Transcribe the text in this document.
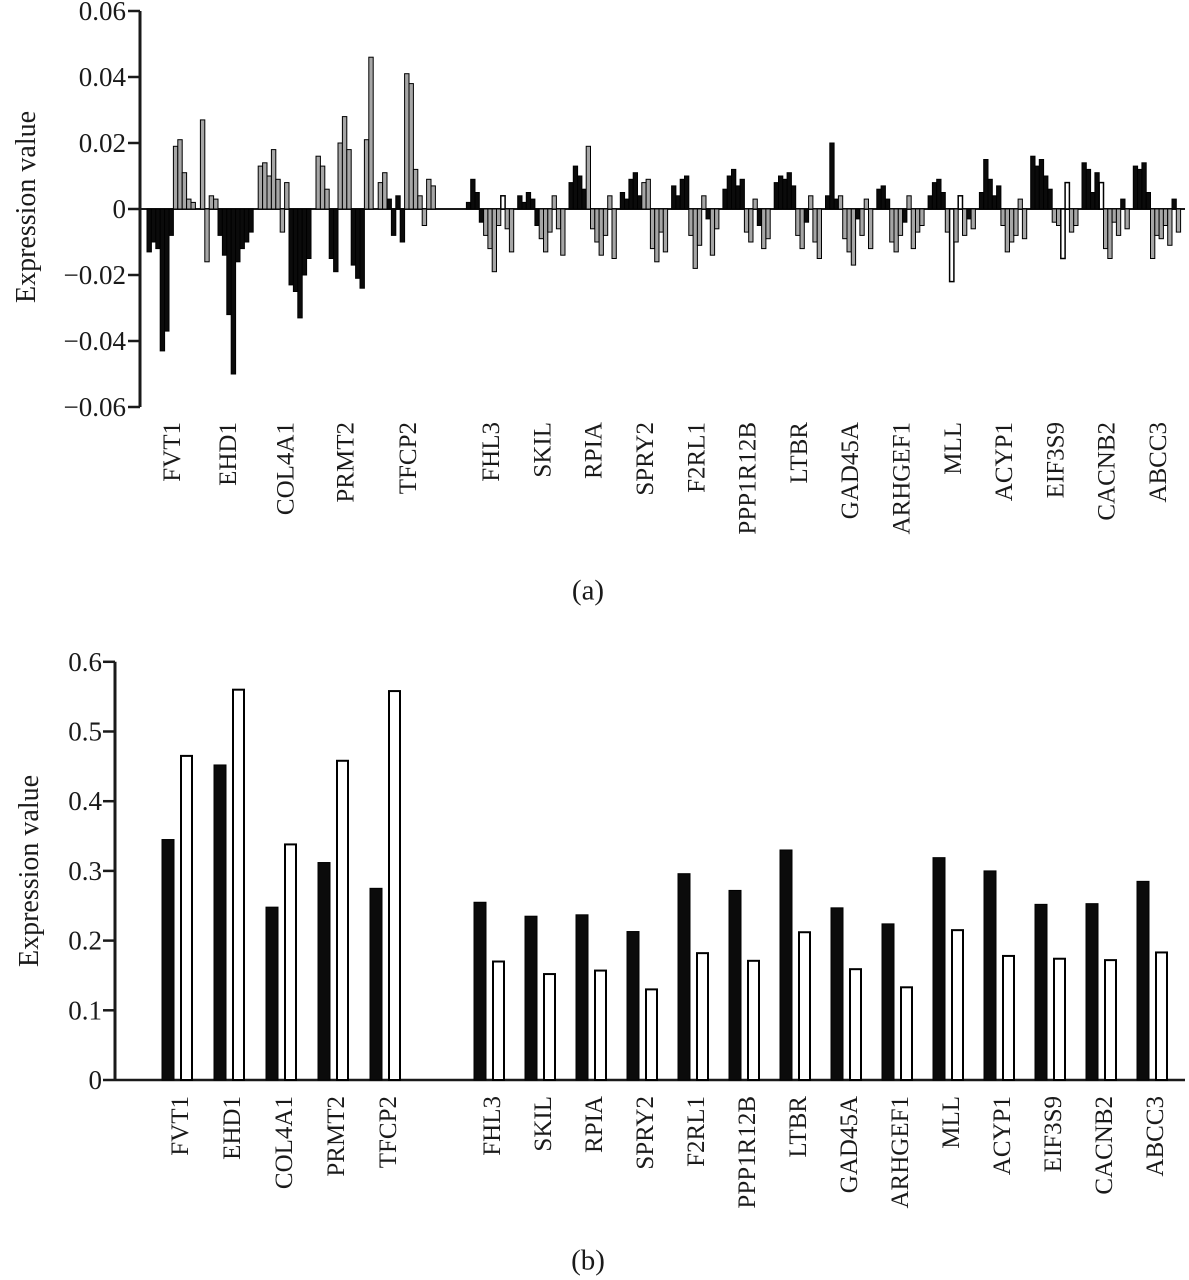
0.06
0.04
0.02
0
−0.02
−0.04
−0.06
FVT1 EHD1 COL4A1 PRMT2 TFCP2 FHL3 SKIL RPIA SPRY2 F2RL1 PPP1R12B LTBR GAD45A ARHGEF1 MLL ACYP1 EIF3S9 CACNB2 ABCC3
0
0.1
0.2
0.3
0.4
0.5
0.6
FVT1 EHD1 COL4A1 PRMT2 TFCP2	FHL3 SKIL RPIA SPRY2 F2RL1 PPP1R12B LTBR GAD45A ARHGEF1 MLL ACYP1 EIF3S9 CACNB2 ABCC3
Expression value
Expression value
(a)
(b)
